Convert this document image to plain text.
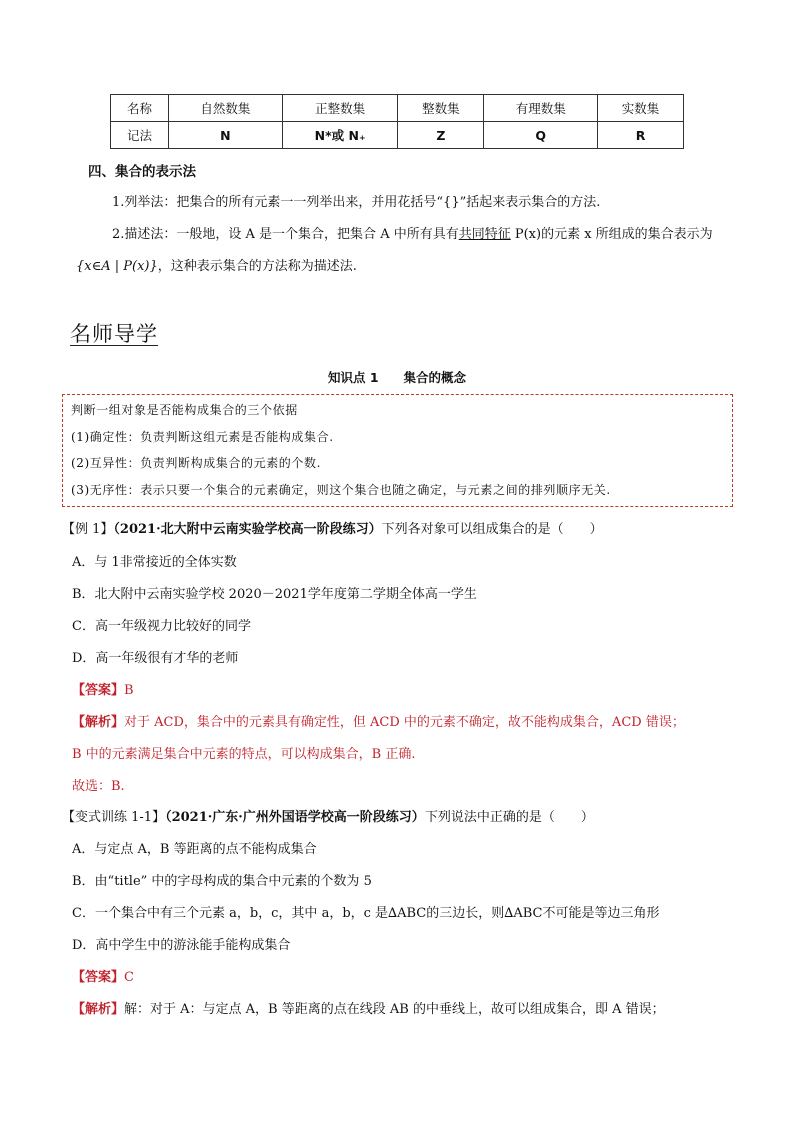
名称	自然数集	正整数集	整数集	有理数集	实数集
记法	N	N*或 N₊	Z	Q	R
四、集合的表示法
1.列举法：把集合的所有元素一一列举出来，并用花括号“{}”括起来表示集合的方法.
2.描述法：一般地，设 A 是一个集合，把集合 A 中所有具有共同特征 P(x)的元素 x 所组成的集合表示为
{x∈A | P(x)}，这种表示集合的方法称为描述法.
名师导学
知识点 1　　集合的概念
判断一组对象是否能构成集合的三个依据
(1)确定性：负责判断这组元素是否能构成集合.
(2)互异性：负责判断构成集合的元素的个数.
(3)无序性：表示只要一个集合的元素确定，则这个集合也随之确定，与元素之间的排列顺序无关.
【例 1】（2021·北大附中云南实验学校高一阶段练习）下列各对象可以组成集合的是（　　）
A．与 1非常接近的全体实数
B．北大附中云南实验学校 2020－2021学年度第二学期全体高一学生
C．高一年级视力比较好的同学
D．高一年级很有才华的老师
【答案】B
【解析】对于 ACD，集合中的元素具有确定性，但 ACD 中的元素不确定，故不能构成集合，ACD 错误；
B 中的元素满足集合中元素的特点，可以构成集合，B 正确.
故选：B.
【变式训练 1-1】（2021·广东·广州外国语学校高一阶段练习）下列说法中正确的是（　　）
A．与定点 A，B 等距离的点不能构成集合
B．由“title” 中的字母构成的集合中元素的个数为 5
C．一个集合中有三个元素 a，b，c，其中 a，b，c 是∆ABC的三边长，则∆ABC不可能是等边三角形
D．高中学生中的游泳能手能构成集合
【答案】C
【解析】解：对于 A：与定点 A，B 等距离的点在线段 AB 的中垂线上，故可以组成集合，即 A 错误；
